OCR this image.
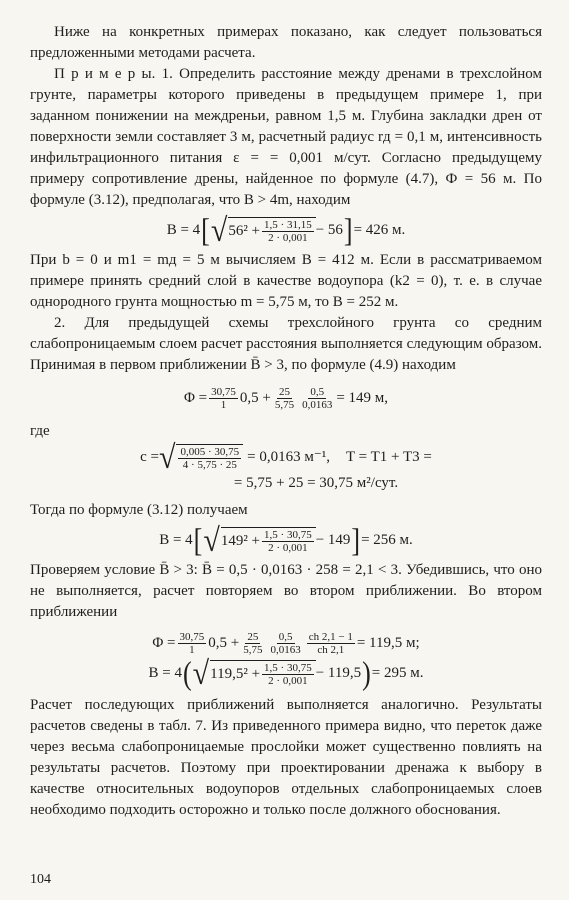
Ниже на конкретных примерах показано, как следует пользоваться предложенными методами расчета.

П р и м е р ы. 1. Определить расстояние между дренами в трехслойном грунте, параметры которого приведены в предыдущем примере 1, при заданном понижении на междреньи, равном 1,5 м. Глубина закладки дрен от поверхности земли составляет 3 м, расчетный радиус rд = 0,1 м, интенсивность инфильтрационного питания ε = = 0,001 м/сут. Согласно предыдущему примеру сопротивление дрены, найденное по формуле (4.7), Ф = 56 м. По формуле (3.12), предполагая, что B > 4m, находим

B = 4 [ √ $56^2 + \frac{1,5 \cdot 31,15}{2 \cdot 0,001} - 56$ ] = 426 м.

При b = 0 и m1 = mд = 5 м вычисляем B = 412 м. Если в рассматриваемом примере принять средний слой в качестве водоупора (k2 = 0), т. е. в случае однородного грунта мощностью m = 5,75 м, то B = 252 м.

2. Для предыдущей схемы трехслойного грунта со средним слабопроницаемым слоем расчет расстояния выполняется следующим образом. Принимая в первом приближении B̄ > 3, по формуле (4.9) находим

$\Phi = \frac{30,75}{1} 0,5 + \frac{25}{5,75} \frac{0,5}{0,0163} = 149$ м,

где

c = √ $\frac{0,005 \cdot 30,75}{4 \cdot 5,75 \cdot 25} = 0,0163$ м⁻¹, T = T1 + T3 =
= 5,75 + 25 = 30,75 м²/сут.

Тогда по формуле (3.12) получаем

B = 4 [ √ $149^2 + \frac{1,5 \cdot 30,75}{2 \cdot 0,001} - 149$ ] = 256 м.

Проверяем условие B̄ > 3: B̄ = 0,5 · 0,0163 · 258 = 2,1 < 3. Убедившись, что оно не выполняется, расчет повторяем во втором приближении. Во втором приближении

$\Phi = \frac{30,75}{1} 0,5 + \frac{25}{5,75} \frac{0,5}{0,0163} \frac{ch 2,1 - 1}{ch 2,1} = 119,5$ м;
B = 4 ( √ $119,5^2 + \frac{1,5 \cdot 30,75}{2 \cdot 0,001} - 119,5$ ) = 295 м.

Расчет последующих приближений выполняется аналогично. Результаты расчетов сведены в табл. 7. Из приведенного примера видно, что переток даже через весьма слабопроницаемые прослойки может существенно повлиять на результаты расчетов. Поэтому при проектировании дренажа к выбору в качестве относительных водоупоров отдельных слабопроницаемых слоев необходимо подходить осторожно и только после должного обоснования.

104
